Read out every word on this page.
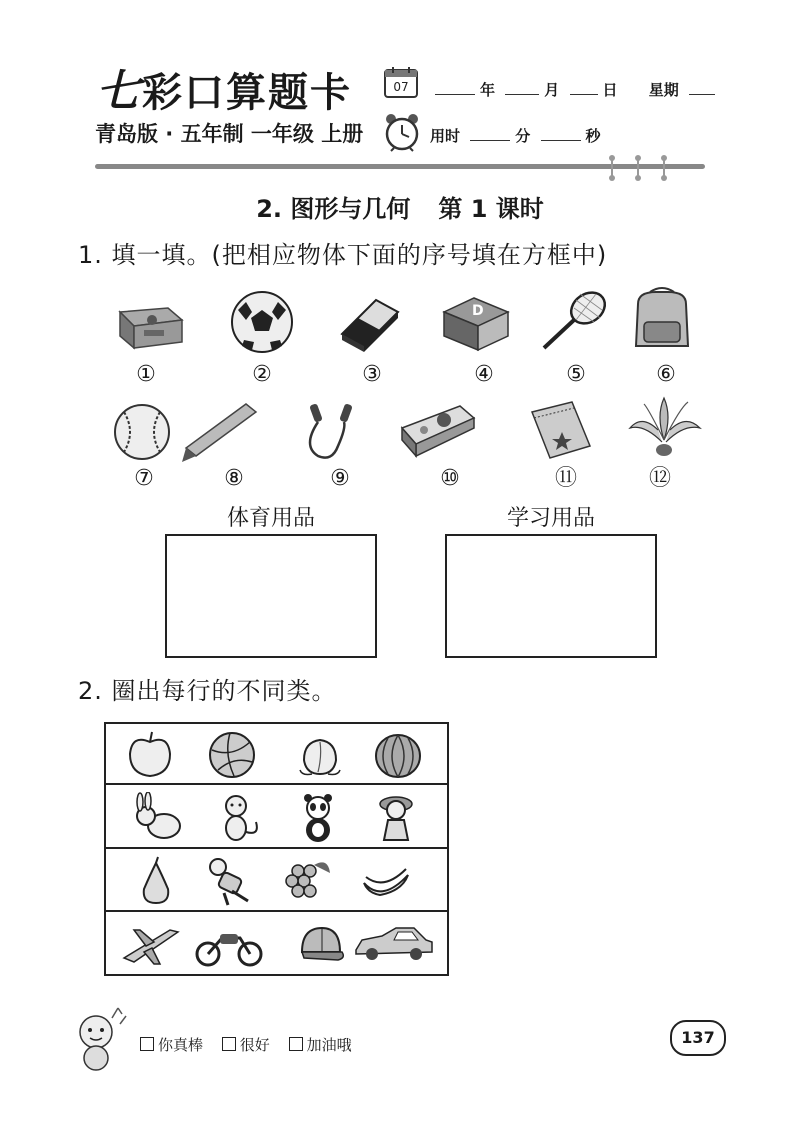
七彩口算题卡	07	年	月	日 星期
青岛版 · 五年制 一年级 上册	用时	分	秒
2. 图形与几何 第 1 课时
1. 填一填。(把相应物体下面的序号填在方框中)
D
①	②	③	④	⑤	⑥
⑦	⑧	⑨	⑩	⑪	⑫
体育用品	学习用品
2. 圈出每行的不同类。
你真棒 很好 加油哦	137
